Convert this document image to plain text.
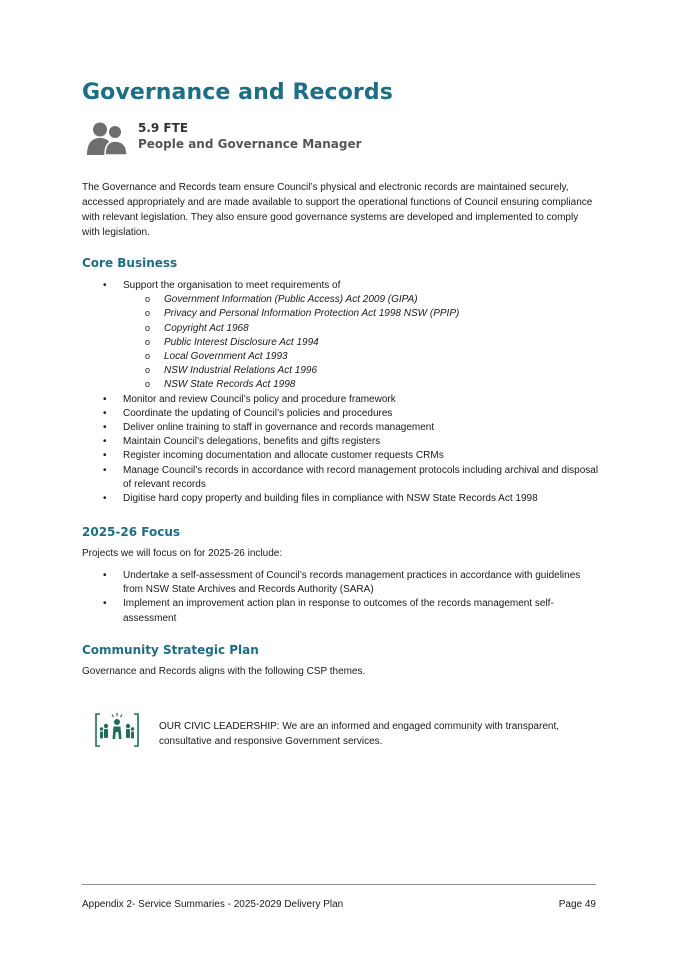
Governance and Records
5.9 FTE
People and Governance Manager

The Governance and Records team ensure Council’s physical and electronic records are maintained securely, accessed appropriately and are made available to support the operational functions of Council ensuring compliance with relevant legislation. They also ensure good governance systems are developed and implemented to comply with legislation.

Core Business
• Support the organisation to meet requirements of
o Government Information (Public Access) Act 2009 (GIPA)
o Privacy and Personal Information Protection Act 1998 NSW (PPIP)
o Copyright Act 1968
o Public Interest Disclosure Act 1994
o Local Government Act 1993
o NSW Industrial Relations Act 1996
o NSW State Records Act 1998
• Monitor and review Council’s policy and procedure framework
• Coordinate the updating of Council’s policies and procedures
• Deliver online training to staff in governance and records management
• Maintain Council’s delegations, benefits and gifts registers
• Register incoming documentation and allocate customer requests CRMs
• Manage Council’s records in accordance with record management protocols including archival and disposal of relevant records
• Digitise hard copy property and building files in compliance with NSW State Records Act 1998
2025-26 Focus

Projects we will focus on for 2025-26 include:

• Undertake a self-assessment of Council’s records management practices in accordance with guidelines from NSW State Archives and Records Authority (SARA)
• Implement an improvement action plan in response to outcomes of the records management self-assessment
Community Strategic Plan

Governance and Records aligns with the following CSP themes.

OUR CIVIC LEADERSHIP: We are an informed and engaged community with transparent, consultative and responsive Government services.

Appendix 2- Service Summaries - 2025-2029 Delivery Plan	Page 49
